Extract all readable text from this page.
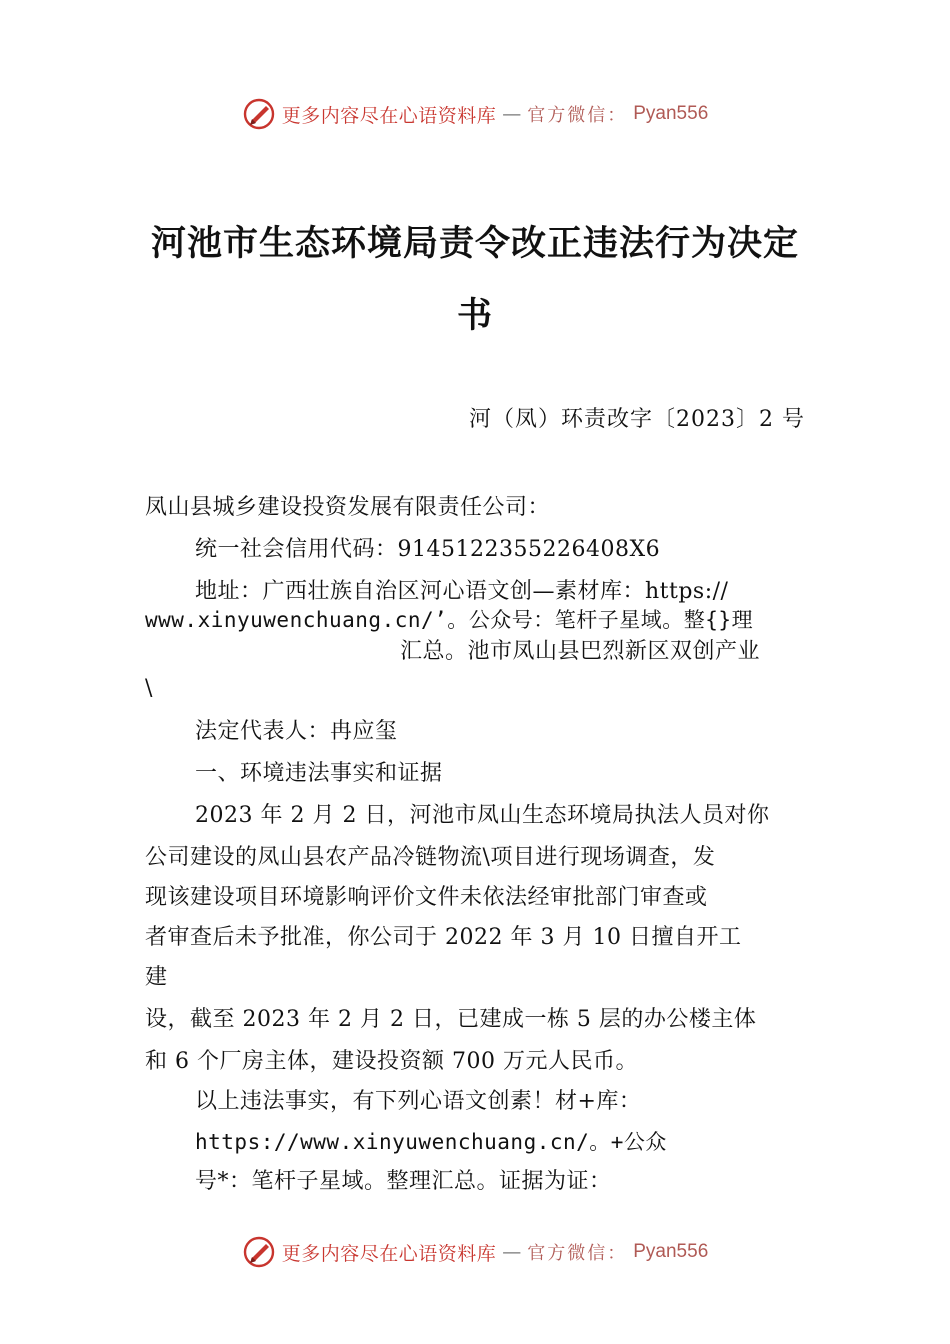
更多内容尽在心语资料库 — 官方微信： Pyan556
河池市生态环境局责令改正违法行为决定
书
河（凤）环责改字〔2023〕2 号
凤山县城乡建设投资发展有限责任公司：
统一社会信用代码：9145122355226408X6
地址：广西壮族自治区河心语文创—素材库：https://
www.xinyuwenchuang.cn/’。公众号：笔杆子星域。整{}理
汇总。池市凤山县巴烈新区双创产业
\
法定代表人：冉应玺
一、环境违法事实和证据
2023 年 2 月 2 日，河池市凤山生态环境局执法人员对你
公司建设的凤山县农产品冷链物流\项目进行现场调查，发
现该建设项目环境影响评价文件未依法经审批部门审查或
者审查后未予批准，你公司于 2022 年 3 月 10 日擅自开工
建
设，截至 2023 年 2 月 2 日，已建成一栋 5 层的办公楼主体
和 6 个厂房主体，建设投资额 700 万元人民币。
以上违法事实，有下列心语文创素！材+库：
https://www.xinyuwenchuang.cn/。+公众
号*：笔杆子星域。整理汇总。证据为证：
更多内容尽在心语资料库 — 官方微信： Pyan556
